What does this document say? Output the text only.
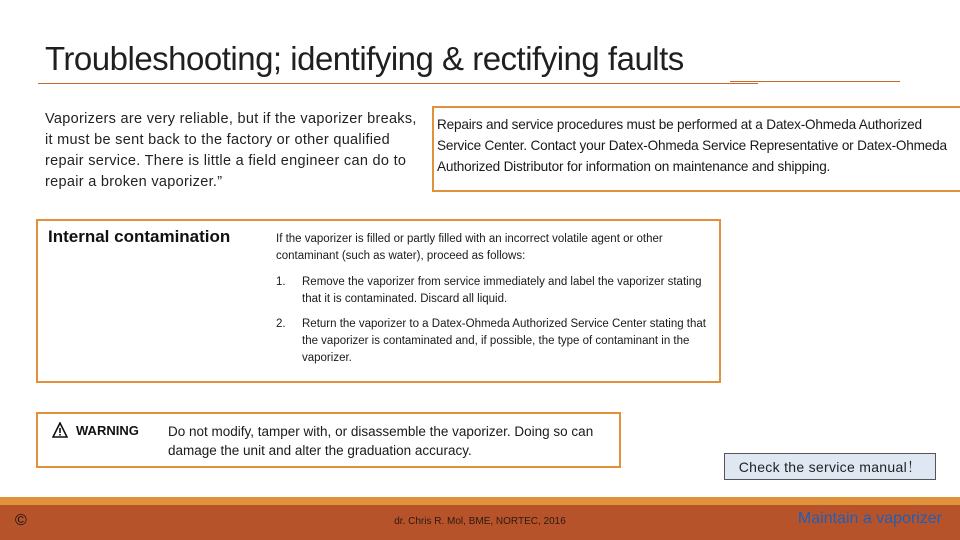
Troubleshooting; identifying & rectifying faults
Vaporizers are very reliable, but if the vaporizer breaks, it must be sent back to the factory or other qualified repair service. There is little a field engineer can do to repair a broken vaporizer.”
Repairs and service procedures must be performed at a Datex-Ohmeda Authorized Service Center. Contact your Datex-Ohmeda Service Representative or Datex-Ohmeda Authorized Distributor for information on maintenance and shipping.
Internal contamination	If the vaporizer is filled or partly filled with an incorrect volatile agent or other contaminant (such as water), proceed as follows:
1.	Remove the vaporizer from service immediately and label the vaporizer stating that it is contaminated. Discard all liquid.
2.	Return the vaporizer to a Datex-Ohmeda Authorized Service Center stating that the vaporizer is contaminated and, if possible, the type of contaminant in the vaporizer.
WARNING Do not modify, tamper with, or disassemble the vaporizer. Doing so can damage the unit and alter the graduation accuracy.
Check the service manual！
©	dr. Chris R. Mol, BME, NORTEC, 2016	Maintain a vaporizer
